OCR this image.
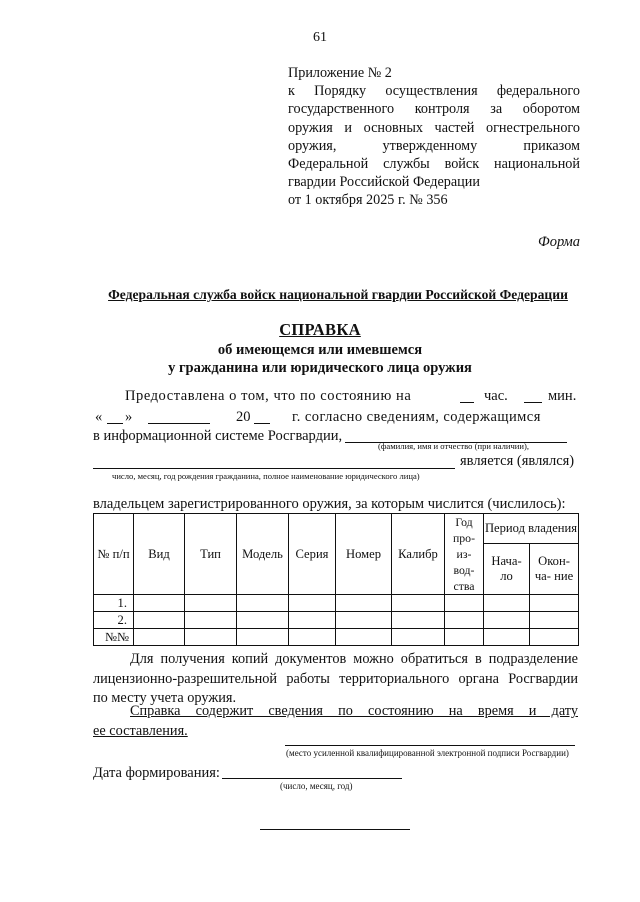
61
Приложение № 2
к Порядку осуществления федерального
государственного контроля за оборотом
оружия и основных частей огнестрельного
оружия, утвержденному приказом
Федеральной службы войск национальной
гвардии Российской Федерации
от 1 октября 2025 г. № 356
Форма
Федеральная служба войск национальной гвардии Российской Федерации
СПРАВКА
об имеющемся или имевшемся
у гражданина или юридического лица оружия
Предоставлена о том, что по состоянию на	час.	мин.
« »	20	г. согласно сведениям, содержащимся
в информационной системе Росгвардии,
(фамилия, имя и отчество (при наличии),
является (являлся)
число, месяц, год рождения гражданина, полное наименование юридического лица)
владельцем зарегистрированного оружия, за которым числится (числилось):
№ п/п	Вид	Тип	Модель	Серия	Номер	Калибр	Год про- из- вод- ства	Период владения	
								Нача- ло	Окон- ча- ние
1.									
2.									
№№									
Для получения копий документов можно обратиться в подразделение
лицензионно-разрешительной работы территориального органа Росгвардии
по месту учета оружия.
Справка содержит сведения по состоянию на время и дату
ее составления.
(место усиленной квалифицированной электронной подписи Росгвардии)
Дата формирования:
(число, месяц, год)
